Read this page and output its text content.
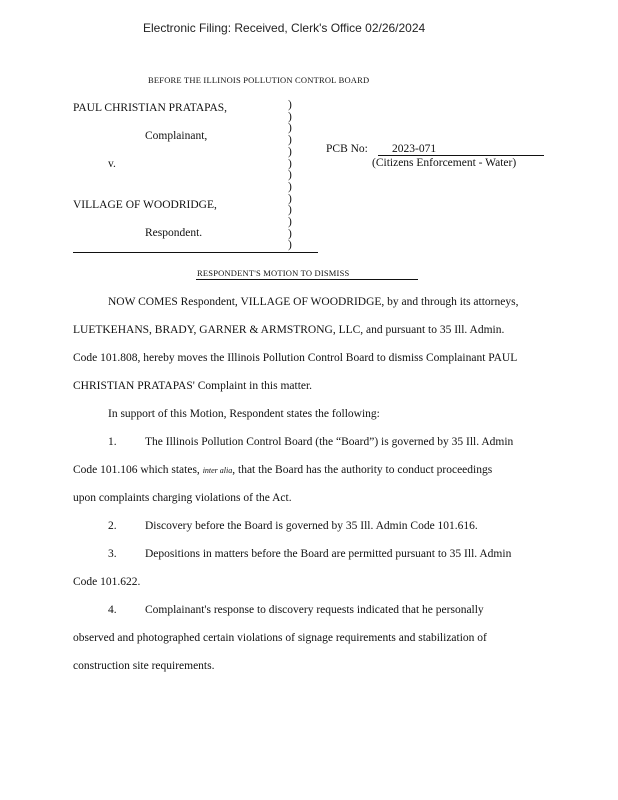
Electronic Filing: Received, Clerk's Office 02/26/2024
BEFORE THE ILLINOIS POLLUTION CONTROL BOARD
PAUL CHRISTIAN PRATAPAS,
Complainant,
v.
VILLAGE OF WOODRIDGE,
Respondent.
)
)
)
)
)
)
)
)
)
)
)
)
)
PCB No: 2023-071
(Citizens Enforcement - Water)
RESPONDENT'S MOTION TO DISMISS
NOW COMES Respondent, VILLAGE OF WOODRIDGE, by and through its attorneys,
LUETKEHANS, BRADY, GARNER & ARMSTRONG, LLC, and pursuant to 35 Ill. Admin.
Code 101.808, hereby moves the Illinois Pollution Control Board to dismiss Complainant PAUL
CHRISTIAN PRATAPAS' Complaint in this matter.
In support of this Motion, Respondent states the following:
1. The Illinois Pollution Control Board (the “Board”) is governed by 35 Ill. Admin
Code 101.106 which states, inter alia, that the Board has the authority to conduct proceedings
upon complaints charging violations of the Act.
2. Discovery before the Board is governed by 35 Ill. Admin Code 101.616.
3. Depositions in matters before the Board are permitted pursuant to 35 Ill. Admin
Code 101.622.
4. Complainant's response to discovery requests indicated that he personally
observed and photographed certain violations of signage requirements and stabilization of
construction site requirements.
